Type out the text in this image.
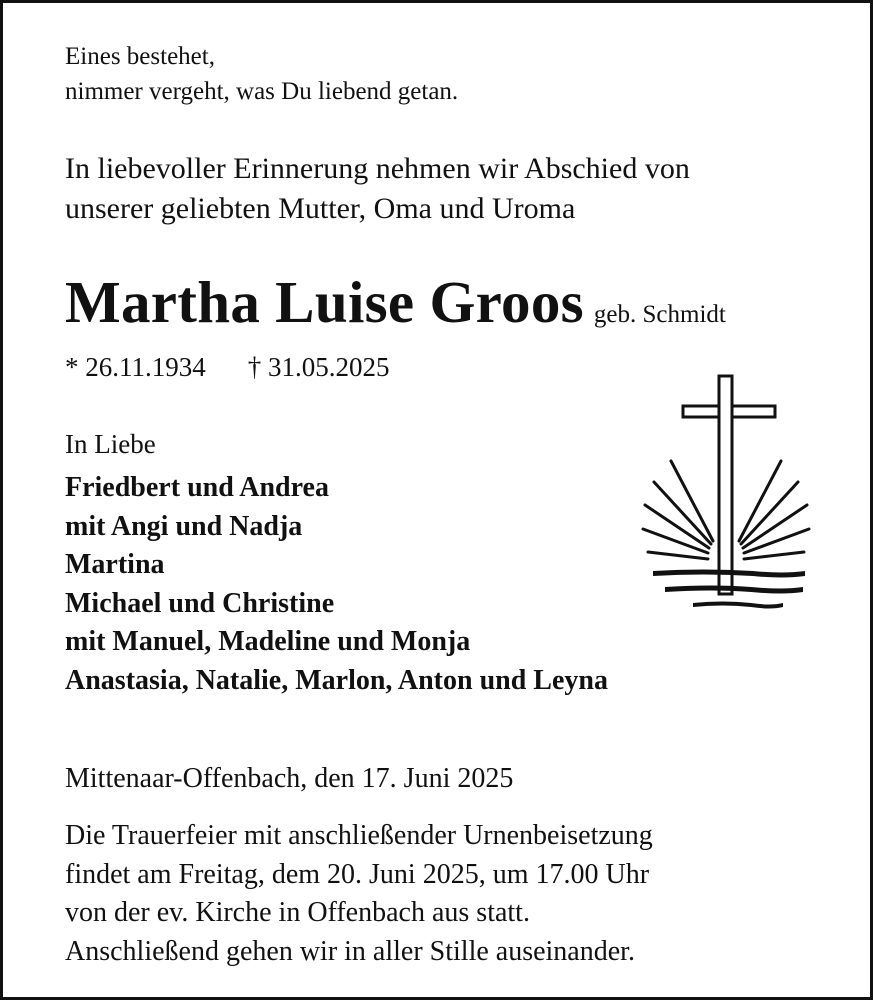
Eines bestehet,
nimmer vergeht, was Du liebend getan.
In liebevoller Erinnerung nehmen wir Abschied von
unserer geliebten Mutter, Oma und Uroma
Martha Luise Groos geb. Schmidt
* 26.11.1934 † 31.05.2025
In Liebe
Friedbert und Andrea
mit Angi und Nadja
Martina
Michael und Christine
mit Manuel, Madeline und Monja
Anastasia, Natalie, Marlon, Anton und Leyna
Mittenaar-Offenbach, den 17. Juni 2025
Die Trauerfeier mit anschließender Urnenbeisetzung
findet am Freitag, dem 20. Juni 2025, um 17.00 Uhr
von der ev. Kirche in Offenbach aus statt.
Anschließend gehen wir in aller Stille auseinander.
